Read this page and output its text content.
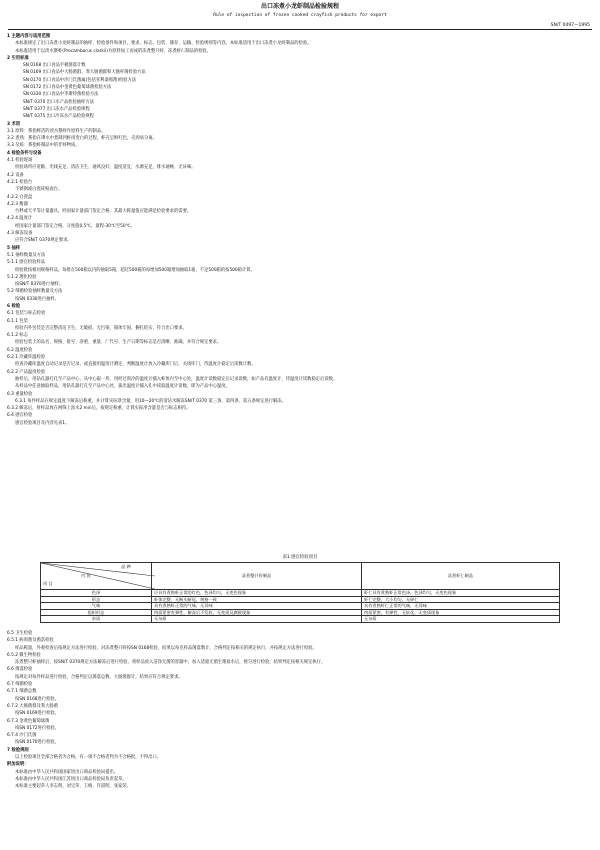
出口冻煮小龙虾制品检验规程
Rule of inspection of frozen cooked crayfish products for export
SN/T 0497—1995

1 主题内容与适用范围

本标准规定了出口冻煮小龙虾制品的抽样、检验条件和项目、要求、标志、包装、储存、运输、检验规则等内容。本标准适用于出口冻煮小龙虾制品的检验。

本标准适用于以淡水螯虾(Procambarus clarkii)为原料加工而成的冻煮整只虾、冻煮虾仁制品的检验。

2 引用标准

SN 0168 出口食品平板菌落计数

SN 0169 出口食品中大肠菌群、粪大肠菌群和大肠杆菌检验方法

SN 0170 出口食品中沙门氏菌属(包括亚利桑那菌)检验方法

SN 0172 出口食品中金黄色葡萄球菌检验方法

SN 0330 出口食品中李斯特菌检验方法

SN/T 0370 出口水产品检验抽样方法

SN/T 0377 出口冻水产品检验规程

SN/T 0375 出口冷冻水产品检验规程

3 术语

3.1 原料：系指鲜活的淡水螯虾作原料生产的制品。

3.2 煮熟：系指在沸水中煮制到虾肉变白的过程，虾壳呈鲜红色，壳肉易分离。

3.3 杂质：系指虾制品中的非虾物质。

4 检验条件与设备

4.1 检验现场

检验场所应宽敞、光线充足、清洁卫生、通风良好、温度适宜，水源充足，排水通畅，无异味。

4.2 设备

4.2.1 检验台

不锈钢或白瓷砖贴面台。

4.2.2 白瓷盘

4.2.3 衡器

台秤或天平等计量器具，经国家计量部门鉴定合格，其最大称量值应能满足检验要求的需要。

4.2.4 温度计

经国家计量部门鉴定合格，分度值0.5℃，量程-30℃至50℃。

4.3 解冻设备

应符合SN/T 0370规定要求。

5 抽样

5.1 抽样数量及方法

5.1.1 感官检验样品

检验批按相同规格样品，每批在500箱以内的抽取5箱，超过500箱的每增加500箱增加抽取1箱，不足500箱的按500箱计算。

5.1.2 理化检验

按SN/T 0370进行抽样。

5.2 细菌检验抽样数量及方法

按SN 0330进行抽样。

6 检验

6.1 包装与标志检验

6.1.1 包装

检验内外包装是否完整清洁卫生，无破损，无污染，箱体牢固，捆扎结实，符合出口要求。

6.1.2 标志

检验包装上的品名、规格、批号、净重、重量、厂代号、生产日期等标志是否清晰、准确、并符合规定要求。

6.2 温度检验

6.2.1 冷藏库温检验

检查冷藏库温度自动记录是否记录，或直接用温度计测定，判断温度计放入冷藏库门后，关闭库门，待温度计稳定后读数计数。

6.2.2 产品温度检验

抽样后，用钻孔器打孔至产品中心，从中心取一块，用经过预冷的温度计插入虾体内至中心处，温度计读数稳定后记录读数，如产品有温度计，待温度计读数稳定后读数。

从样品中任意抽取样品，用钻孔器打孔至产品中心处，拔出温度计插入孔中读取温度计读数，即为产品中心温度。

6.3 重量检验

6.3.1 每件样品在规定温度下解冻后称重，并计算实际净含量，用10—20℃的清洁水解冻SN/T 0370 第三条、第四条、第五条规定进行解冻。

6.3.2 解冻后，将样品放在网筛上沥水2 min后，按规定称重，计算实际净含量是否与标志相符。

6.4 感官检验

感官检验项目及内容见表1。

表1 感官检验项目
品 种
内 容
项 目	冻煮整只虾制品	冻煮虾仁制品
色泽	应具有煮熟虾正常的红色，色泽均匀，无变色现象	虾仁具有煮熟虾正常色泽，色泽均匀，无变色现象
形态	虾体完整，无断头断尾，规格一致	虾仁完整，大小均匀，无碎仁
气味	具有煮熟虾正常的气味，无异味	具有煮熟虾仁正常的气味，无异味
组织形态	肉质紧密有弹性，解冻后不发软，无变质及腐败现象	肉质紧密，有弹性，无软化，无变质现象
杂质	无杂质	无杂质

6.5 卫生检验

6.5.1 病原菌及菌落检验

样品称量，外观检查后按规定方法进行检验，对冻煮整只虾按SN 0168检验，结果以每克样品菌落数计，合格判定按相关的规定执行，并按规定方法进行检验。

6.5.2 微生物检验

冻煮整只虾抽样后，按SN/T 0370规定方法解冻后进行检验，将样品放入洁净无菌的容器中，加入适量无菌生理盐水后，摇匀进行检验，结果判定按相关规定执行。

6.6 菌落检验

按规定对每件样品进行检验，合格判定以菌落总数、大肠菌群计，结果应符合规定要求。

6.7 细菌检验

6.7.1 细菌总数

按SN 0168进行检验。

6.7.2 大肠菌群及粪大肠菌

按SN 0169进行检验。

6.7.3 金黄色葡萄球菌

按SN 0172进行检验。

6.7.4 沙门氏菌

按SN 0170进行检验。

7 检验规则

以上检验项目全部合格者为合格，有一项不合格者判为不合格批，不得出口。

附加说明：

本标准由中华人民共和国国家进出口商品检验局提出。

本标准由中华人民共和国江苏进出口商品检验局负责起草。

本标准主要起草人李志明、刘宝荣、王梅、许道明、张家荣。
